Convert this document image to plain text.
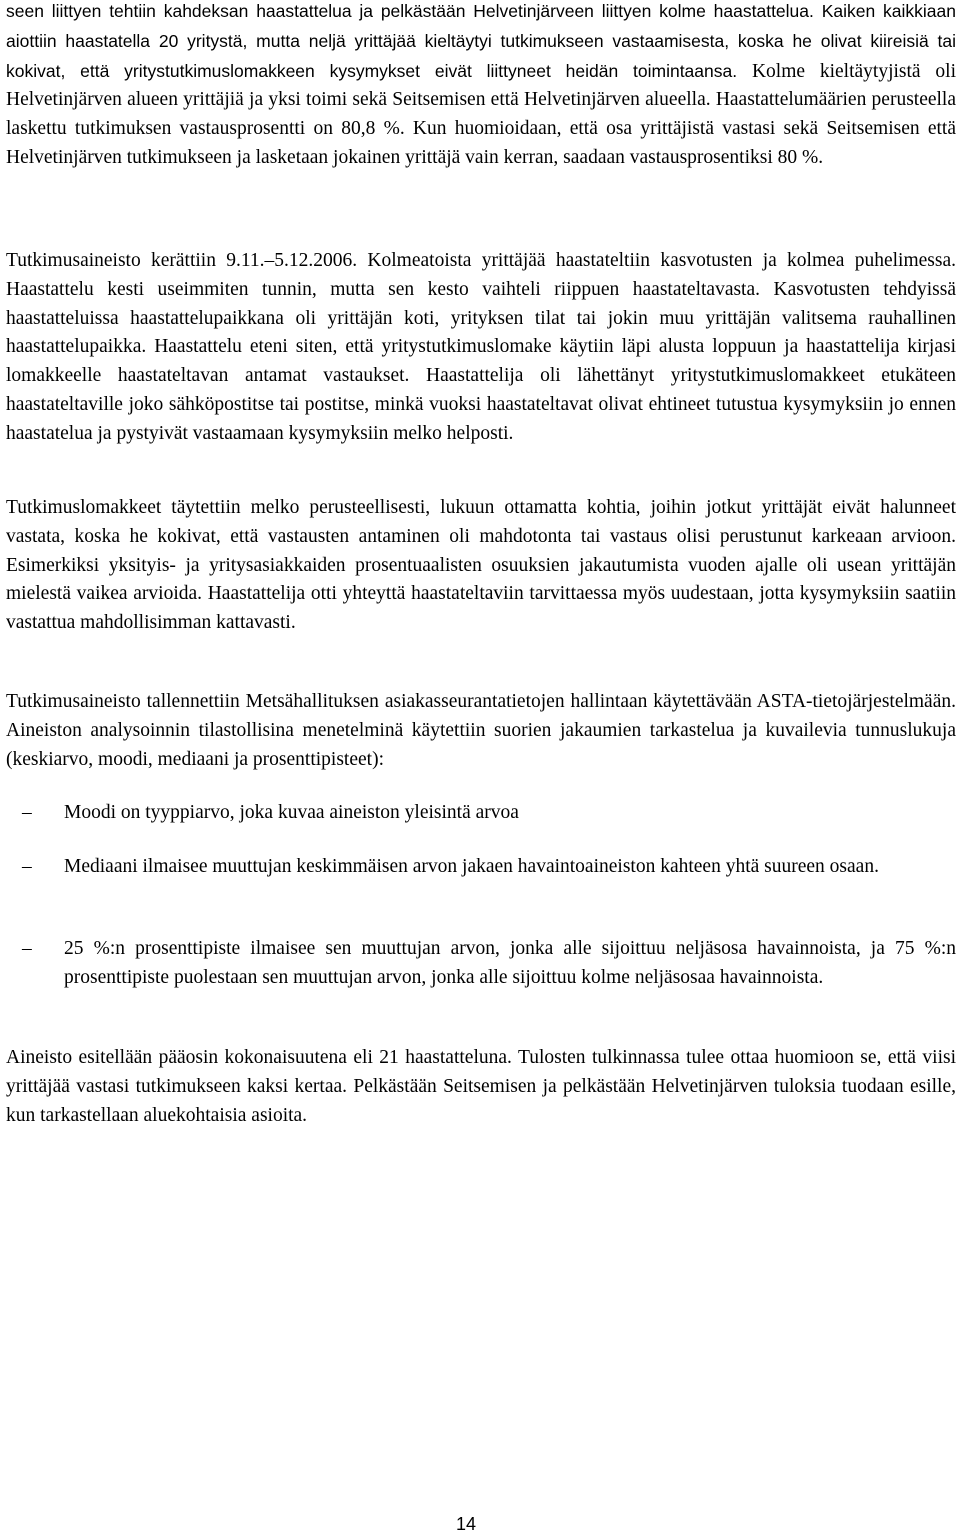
seen liittyen tehtiin kahdeksan haastattelua ja pelkästään Helvetinjärveen liittyen kolme haastattelua. Kaiken kaikkiaan aiottiin haastatella 20 yritystä, mutta neljä yrittäjää kieltäytyi tutkimukseen vastaamisesta, koska he olivat kiireisiä tai kokivat, että yritystutkimuslomakkeen kysymykset eivät liittyneet heidän toimintaansa. Kolme kieltäytyjistä oli Helvetinjärven alueen yrittäjiä ja yksi toimi sekä Seitsemisen että Helvetinjärven alueella. Haastattelumäärien perusteella laskettu tutkimuksen vastausprosentti on 80,8 %. Kun huomioidaan, että osa yrittäjistä vastasi sekä Seitsemisen että Helvetinjärven tutkimukseen ja lasketaan jokainen yrittäjä vain kerran, saadaan vastausprosentiksi 80 %.

Tutkimusaineisto kerättiin 9.11.–5.12.2006. Kolmeatoista yrittäjää haastateltiin kasvotusten ja kolmea puhelimessa. Haastattelu kesti useimmiten tunnin, mutta sen kesto vaihteli riippuen haastateltavasta. Kasvotusten tehdyissä haastatteluissa haastattelupaikkana oli yrittäjän koti, yrityksen tilat tai jokin muu yrittäjän valitsema rauhallinen haastattelupaikka. Haastattelu eteni siten, että yritystutkimuslomake käytiin läpi alusta loppuun ja haastattelija kirjasi lomakkeelle haastateltavan antamat vastaukset. Haastattelija oli lähettänyt yritystutkimuslomakkeet etukäteen haastateltaville joko sähköpostitse tai postitse, minkä vuoksi haastateltavat olivat ehtineet tutustua kysymyksiin jo ennen haastatelua ja pystyivät vastaamaan kysymyksiin melko helposti.

Tutkimuslomakkeet täytettiin melko perusteellisesti, lukuun ottamatta kohtia, joihin jotkut yrittäjät eivät halunneet vastata, koska he kokivat, että vastausten antaminen oli mahdotonta tai vastaus olisi perustunut karkeaan arvioon. Esimerkiksi yksityis- ja yritysasiakkaiden prosentuaalisten osuuksien jakautumista vuoden ajalle oli usean yrittäjän mielestä vaikea arvioida. Haastattelija otti yhteyttä haastateltaviin tarvittaessa myös uudestaan, jotta kysymyksiin saatiin vastattua mahdollisimman kattavasti.

Tutkimusaineisto tallennettiin Metsähallituksen asiakasseurantatietojen hallintaan käytettävään ASTA-tietojärjestelmään. Aineiston analysoinnin tilastollisina menetelminä käytettiin suorien jakaumien tarkastelua ja kuvailevia tunnuslukuja (keskiarvo, moodi, mediaani ja prosenttipisteet):

–	Moodi on tyyppiarvo, joka kuvaa aineiston yleisintä arvoa
–	Mediaani ilmaisee muuttujan keskimmäisen arvon jakaen havaintoaineiston kahteen yhtä suureen osaan.
–	25 %:n prosenttipiste ilmaisee sen muuttujan arvon, jonka alle sijoittuu neljäsosa havainnoista, ja 75 %:n prosenttipiste puolestaan sen muuttujan arvon, jonka alle sijoittuu kolme neljäsosaa havainnoista.

Aineisto esitellään pääosin kokonaisuutena eli 21 haastatteluna. Tulosten tulkinnassa tulee ottaa huomioon se, että viisi yrittäjää vastasi tutkimukseen kaksi kertaa. Pelkästään Seitsemisen ja pelkästään Helvetinjärven tuloksia tuodaan esille, kun tarkastellaan aluekohtaisia asioita.

14
